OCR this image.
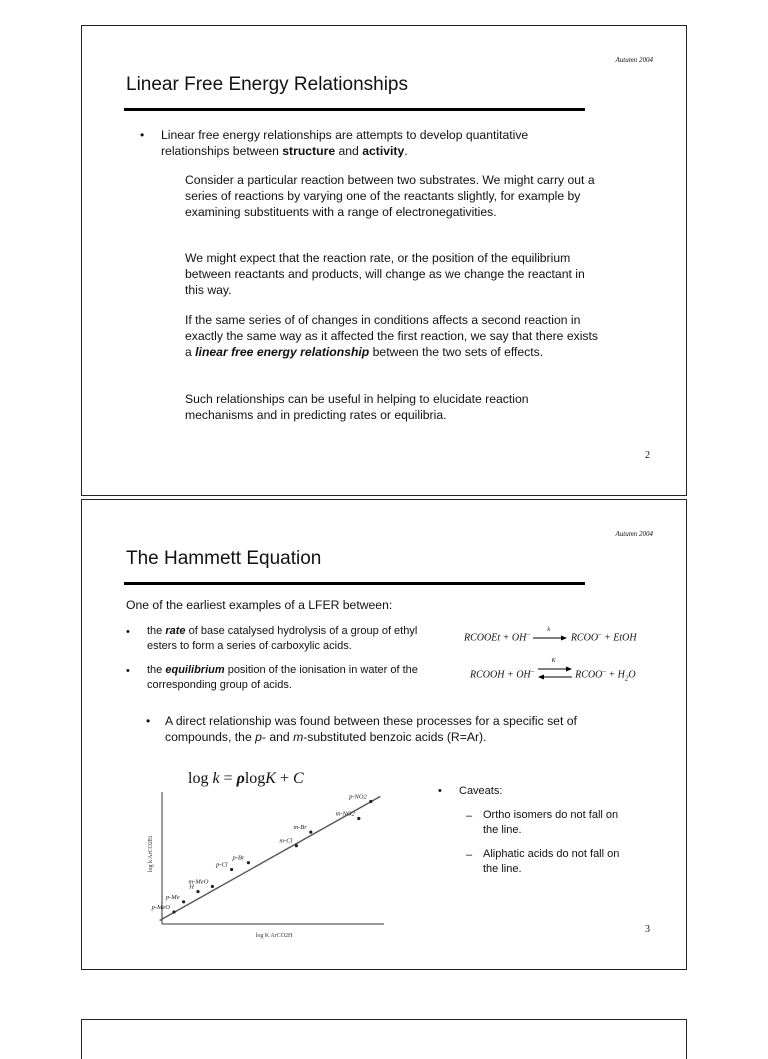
Autumn 2004
Linear Free Energy Relationships
• Linear free energy relationships are attempts to develop quantitative relationships between structure and activity.

Consider a particular reaction between two substrates. We might carry out a series of reactions by varying one of the reactants slightly, for example by examining substituents with a range of electronegativities.

We might expect that the reaction rate, or the position of the equilibrium between reactants and products, will change as we change the reactant in this way.

If the same series of of changes in conditions affects a second reaction in exactly the same way as it affected the first reaction, we say that there exists a linear free energy relationship between the two sets of effects.

Such relationships can be useful in helping to elucidate reaction mechanisms and in predicting rates or equilibria.

2
Autumn 2004
The Hammett Equation

One of the earliest examples of a LFER between:

• the rate of base catalysed hydrolysis of a group of ethyl esters to form a series of carboxylic acids.

• the equilibrium position of the ionisation in water of the corresponding group of acids.

RCOOEt + OH–	k
RCOO– + EtOH
RCOOH + OH–
K
RCOO– + $H_2O$
• A direct relationship was found between these processes for a specific set of compounds, the p- and m-substituted benzoic acids (R=Ar).

log k = ρlogK + C
p-MeO
p-Me
H
m-MeO
p-Cl
p-Br
m-Cl
m-Br
m-NO2
p-NO2
log k ArCO2Et
log K ArCO2H
• Caveats:

– Ortho isomers do not fall on the line.

– Aliphatic acids do not fall on the line.

3
